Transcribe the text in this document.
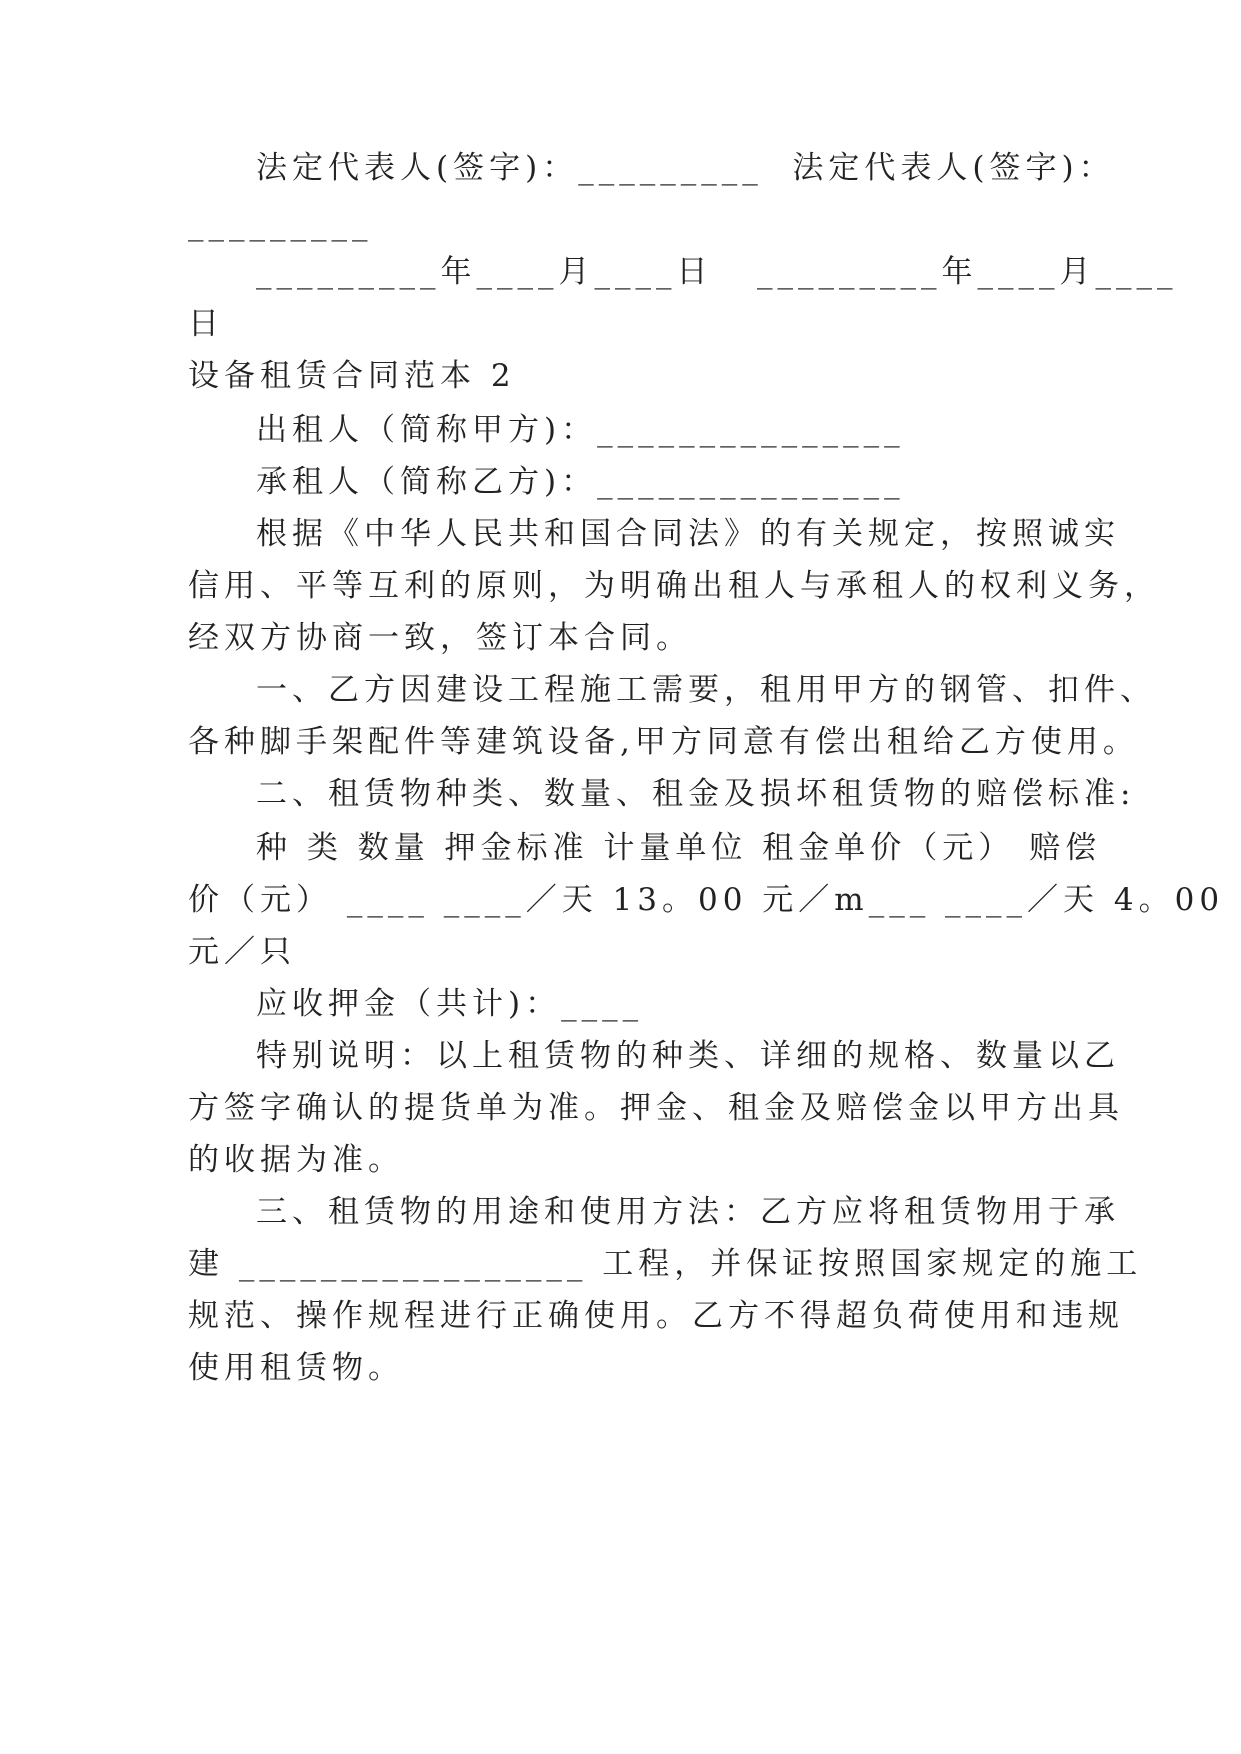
法定代表人(签字)：_________  法定代表人(签字)：
_________
_________年____月____日   _________年____月____
日
设备租赁合同范本 2
出租人（简称甲方)：_______________
承租人（简称乙方)：_______________
根据《中华人民共和国合同法》的有关规定，按照诚实
信用、平等互利的原则，为明确出租人与承租人的权利义务，
经双方协商一致，签订本合同。
一、乙方因建设工程施工需要，租用甲方的钢管、扣件、
各种脚手架配件等建筑设备,甲方同意有偿出租给乙方使用。
二、租赁物种类、数量、租金及损坏租赁物的赔偿标准:
种 类 数量 押金标准 计量单位 租金单价（元） 赔偿
价（元） ____ ____／天 13。00 元／m___ ____／天 4。00
元／只
应收押金（共计)：____
特别说明：以上租赁物的种类、详细的规格、数量以乙
方签字确认的提货单为准。押金、租金及赔偿金以甲方出具
的收据为准。
三、租赁物的用途和使用方法：乙方应将租赁物用于承
建 _________________ 工程，并保证按照国家规定的施工
规范、操作规程进行正确使用。乙方不得超负荷使用和违规
使用租赁物。
